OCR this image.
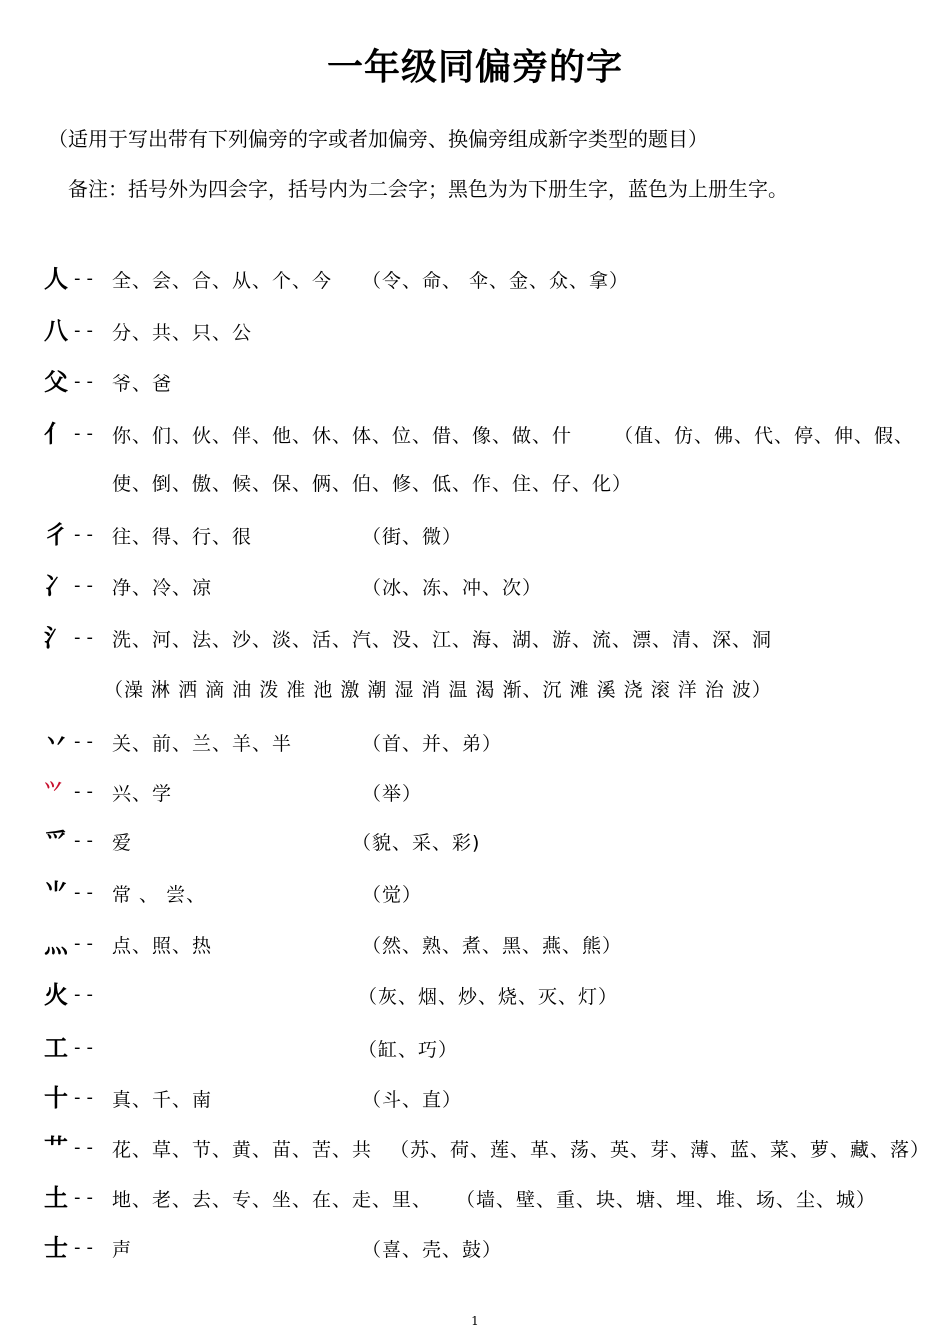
一年级同偏旁的字
（适用于写出带有下列偏旁的字或者加偏旁、换偏旁组成新字类型的题目）
备注：括号外为四会字，括号内为二会字；黑色为为下册生字，蓝色为上册生字。
人 -- 全、会、合、从、个、今 （令、命、 伞、金、众、拿）
八 -- 分、共、只、公
父 -- 爷、爸
亻 -- 你、们、伙、伴、他、休、体、位、借、像、做、什 （值、仿、佛、代、停、伸、假、
使、倒、傲、候、保、俩、伯、修、低、作、住、仔、化）
彳 -- 往、得、行、很	（街、微）
冫 -- 净、冷、凉	（冰、冻、冲、次）
氵 -- 洗、河、法、沙、淡、活、汽、没、江、海、湖、游、流、漂、清、深、洞
（澡 淋 洒 滴 油 泼 准 池 激 潮 湿 消 温 渴 渐、沉 滩 溪 浇 滚 洋 治 波）
丷 -- 关、前、兰、羊、半	（首、并、弟）
⺍ -- 兴、学	（举）
爫 -- 爱	（貌、采、彩)
⺌ -- 常 、 尝、	（觉）
灬 -- 点、照、热	（然、熟、煮、黑、燕、熊）
火 --	（灰、烟、炒、烧、灭、灯）
工 --	（缸、巧）
十 -- 真、千、南	（斗、直）
艹 -- 花、草、节、黄、苗、苦、共 （苏、荷、莲、革、荡、英、芽、薄、蓝、菜、萝、藏、落）
土 -- 地、老、去、专、坐、在、走、里、 （墙、壁、重、块、塘、埋、堆、场、尘、城）
士 -- 声	（喜、壳、鼓）
1
